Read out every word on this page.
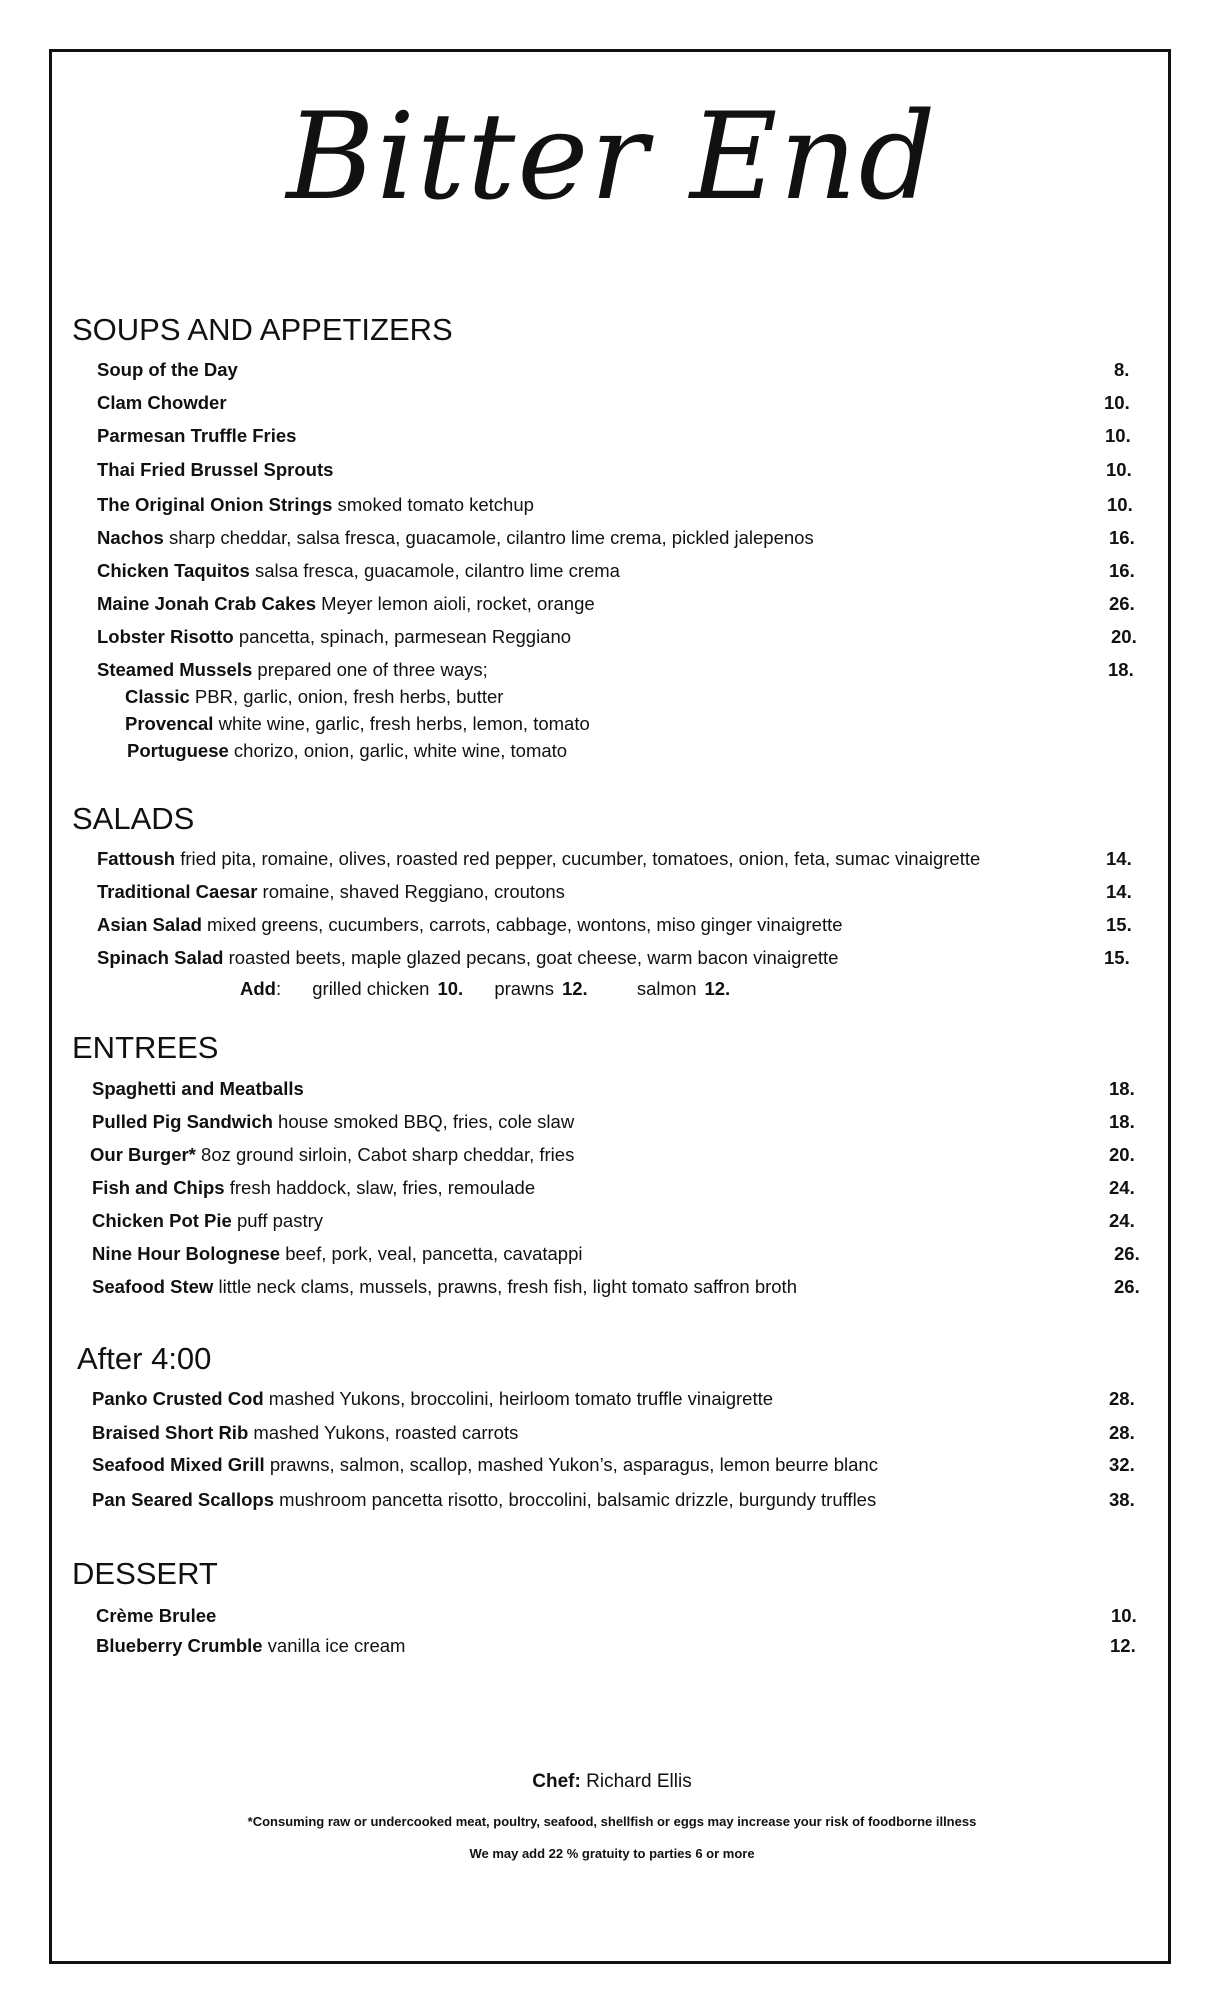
Bitter End
SOUPS AND APPETIZERS
Soup of the Day	8.
Clam Chowder	10.
Parmesan Truffle Fries	10.
Thai Fried Brussel Sprouts	10.
The Original Onion Strings smoked tomato ketchup	10.
Nachos sharp cheddar, salsa fresca, guacamole, cilantro lime crema, pickled jalepenos	16.
Chicken Taquitos salsa fresca, guacamole, cilantro lime crema	16.
Maine Jonah Crab Cakes Meyer lemon aioli, rocket, orange	26.
Lobster Risotto pancetta, spinach, parmesean Reggiano	20.
Steamed Mussels prepared one of three ways;	18.
Classic PBR, garlic, onion, fresh herbs, butter
Provencal white wine, garlic, fresh herbs, lemon, tomato
Portuguese chorizo, onion, garlic, white wine, tomato
SALADS
Fattoush fried pita, romaine, olives, roasted red pepper, cucumber, tomatoes, onion, feta, sumac vinaigrette	14.
Traditional Caesar romaine, shaved Reggiano, croutons	14.
Asian Salad mixed greens, cucumbers, carrots, cabbage, wontons, miso ginger vinaigrette	15.
Spinach Salad roasted beets, maple glazed pecans, goat cheese, warm bacon vinaigrette	15.
Add: grilled chicken 10. prawns 12.	salmon 12.
ENTREES
Spaghetti and Meatballs	18.
Pulled Pig Sandwich house smoked BBQ, fries, cole slaw	18.
Our Burger* 8oz ground sirloin, Cabot sharp cheddar, fries	20.
Fish and Chips fresh haddock, slaw, fries, remoulade	24.
Chicken Pot Pie puff pastry	24.
Nine Hour Bolognese beef, pork, veal, pancetta, cavatappi	26.
Seafood Stew little neck clams, mussels, prawns, fresh fish, light tomato saffron broth	26.
After 4:00
Panko Crusted Cod mashed Yukons, broccolini, heirloom tomato truffle vinaigrette	28.
Braised Short Rib mashed Yukons, roasted carrots	28.
Seafood Mixed Grill prawns, salmon, scallop, mashed Yukon’s, asparagus, lemon beurre blanc	32.
Pan Seared Scallops mushroom pancetta risotto, broccolini, balsamic drizzle, burgundy truffles	38.
DESSERT
Crème Brulee	10.
Blueberry Crumble vanilla ice cream	12.
Chef: Richard Ellis
*Consuming raw or undercooked meat, poultry, seafood, shellfish or eggs may increase your risk of foodborne illness
We may add 22 % gratuity to parties 6 or more
